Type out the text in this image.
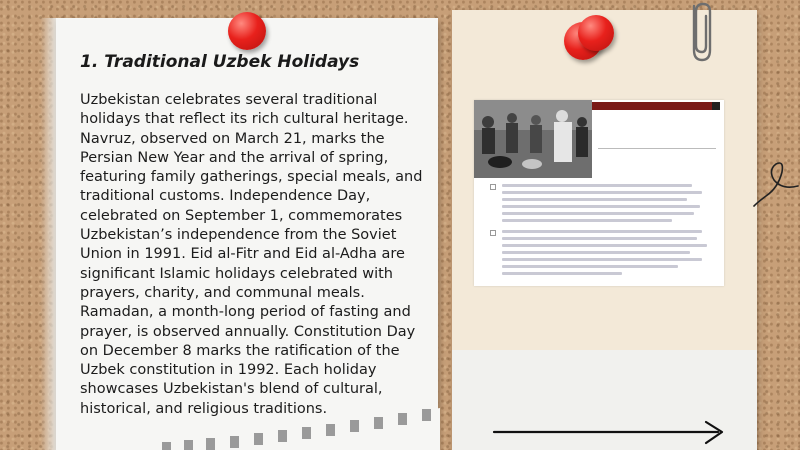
1. Traditional Uzbek Holidays

Uzbekistan celebrates several traditional holidays that reflect its rich cultural heritage. Navruz, observed on March 21, marks the Persian New Year and the arrival of spring, featuring family gatherings, special meals, and traditional customs. Independence Day, celebrated on September 1, commemorates Uzbekistan’s independence from the Soviet Union in 1991. Eid al-Fitr and Eid al-Adha are significant Islamic holidays celebrated with prayers, charity, and communal meals. Ramadan, a month-long period of fasting and prayer, is observed annually. Constitution Day on December 8 marks the ratification of the Uzbek constitution in 1992. Each holiday showcases Uzbekistan's blend of cultural, historical, and religious traditions.
